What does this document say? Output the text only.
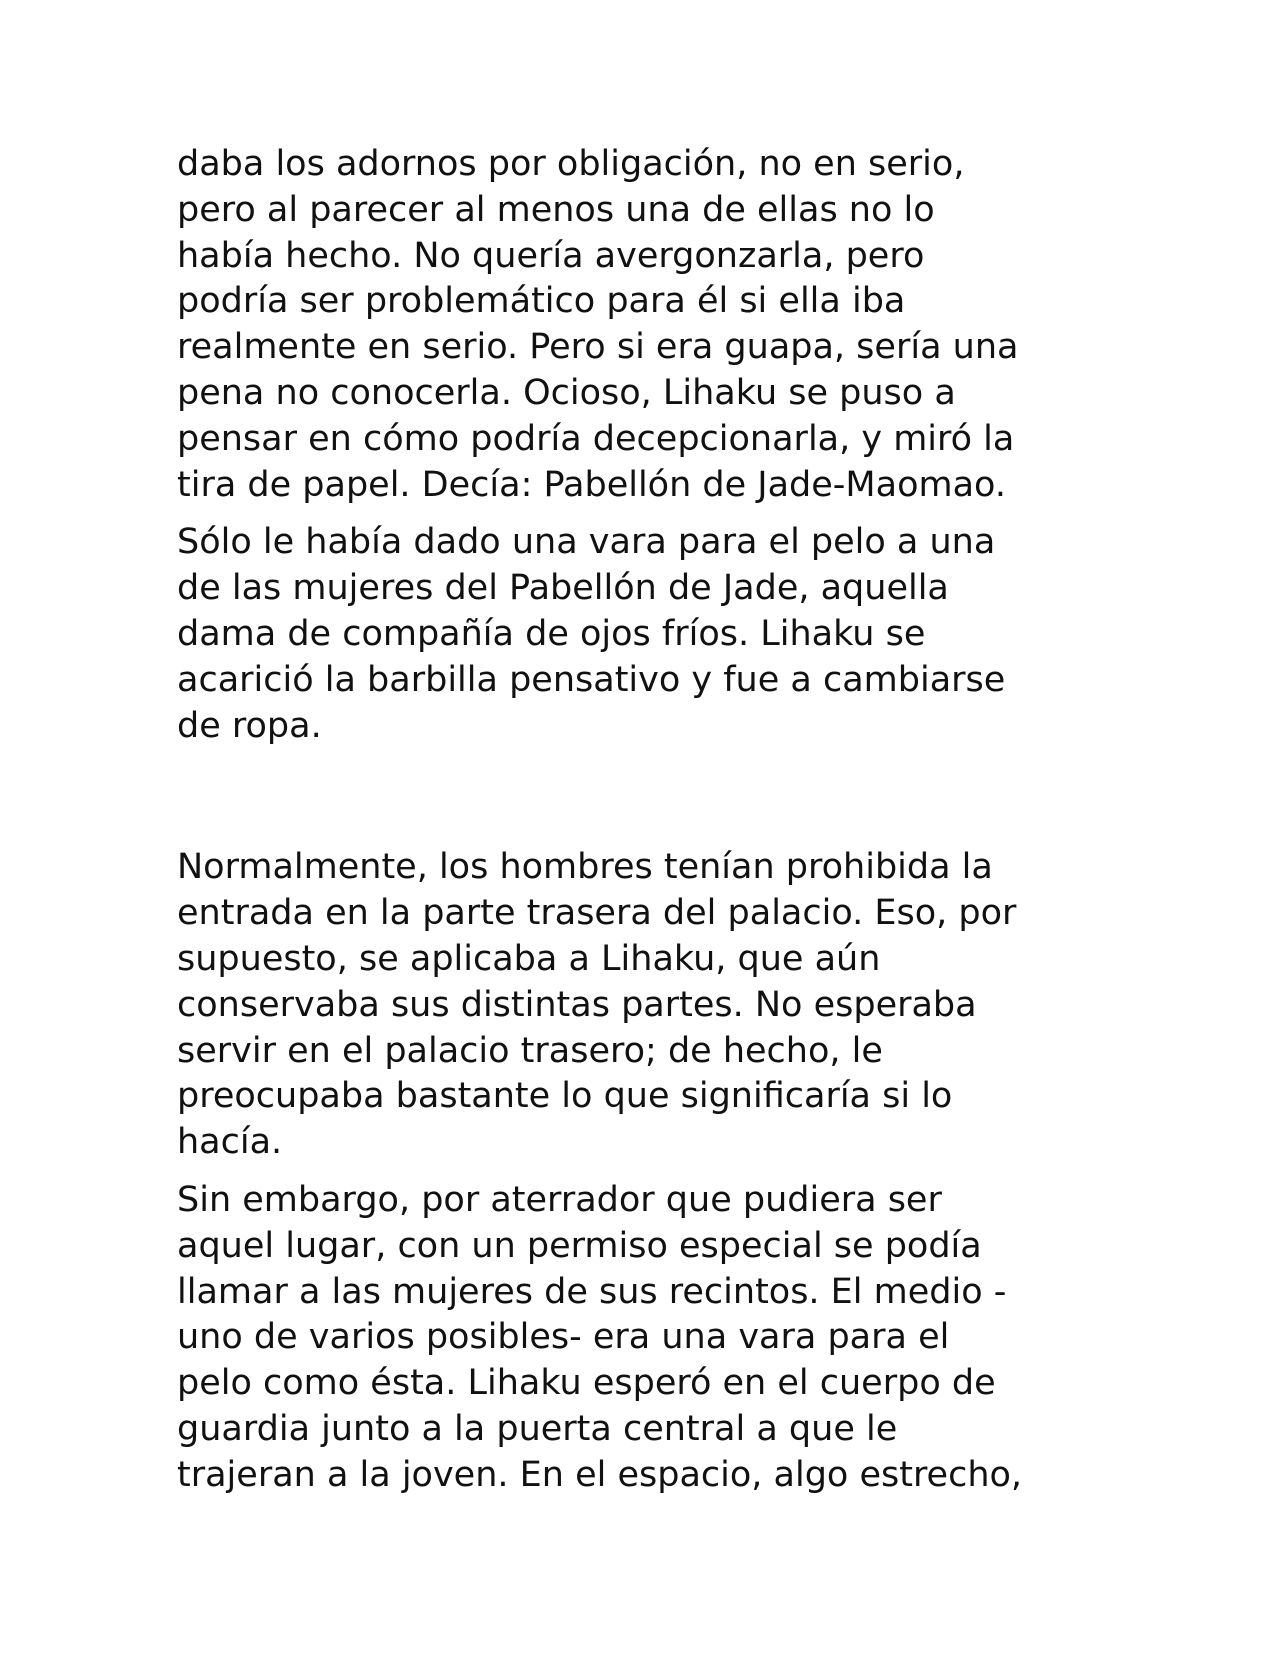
daba los adornos por obligación, no en serio,
pero al parecer al menos una de ellas no lo
había hecho. No quería avergonzarla, pero
podría ser problemático para él si ella iba
realmente en serio. Pero si era guapa, sería una
pena no conocerla. Ocioso, Lihaku se puso a
pensar en cómo podría decepcionarla, y miró la
tira de papel. Decía: Pabellón de Jade-Maomao.
Sólo le había dado una vara para el pelo a una
de las mujeres del Pabellón de Jade, aquella
dama de compañía de ojos fríos. Lihaku se
acarició la barbilla pensativo y fue a cambiarse
de ropa.
Normalmente, los hombres tenían prohibida la
entrada en la parte trasera del palacio. Eso, por
supuesto, se aplicaba a Lihaku, que aún
conservaba sus distintas partes. No esperaba
servir en el palacio trasero; de hecho, le
preocupaba bastante lo que significaría si lo
hacía.
Sin embargo, por aterrador que pudiera ser
aquel lugar, con un permiso especial se podía
llamar a las mujeres de sus recintos. El medio -
uno de varios posibles- era una vara para el
pelo como ésta. Lihaku esperó en el cuerpo de
guardia junto a la puerta central a que le
trajeran a la joven. En el espacio, algo estrecho,
